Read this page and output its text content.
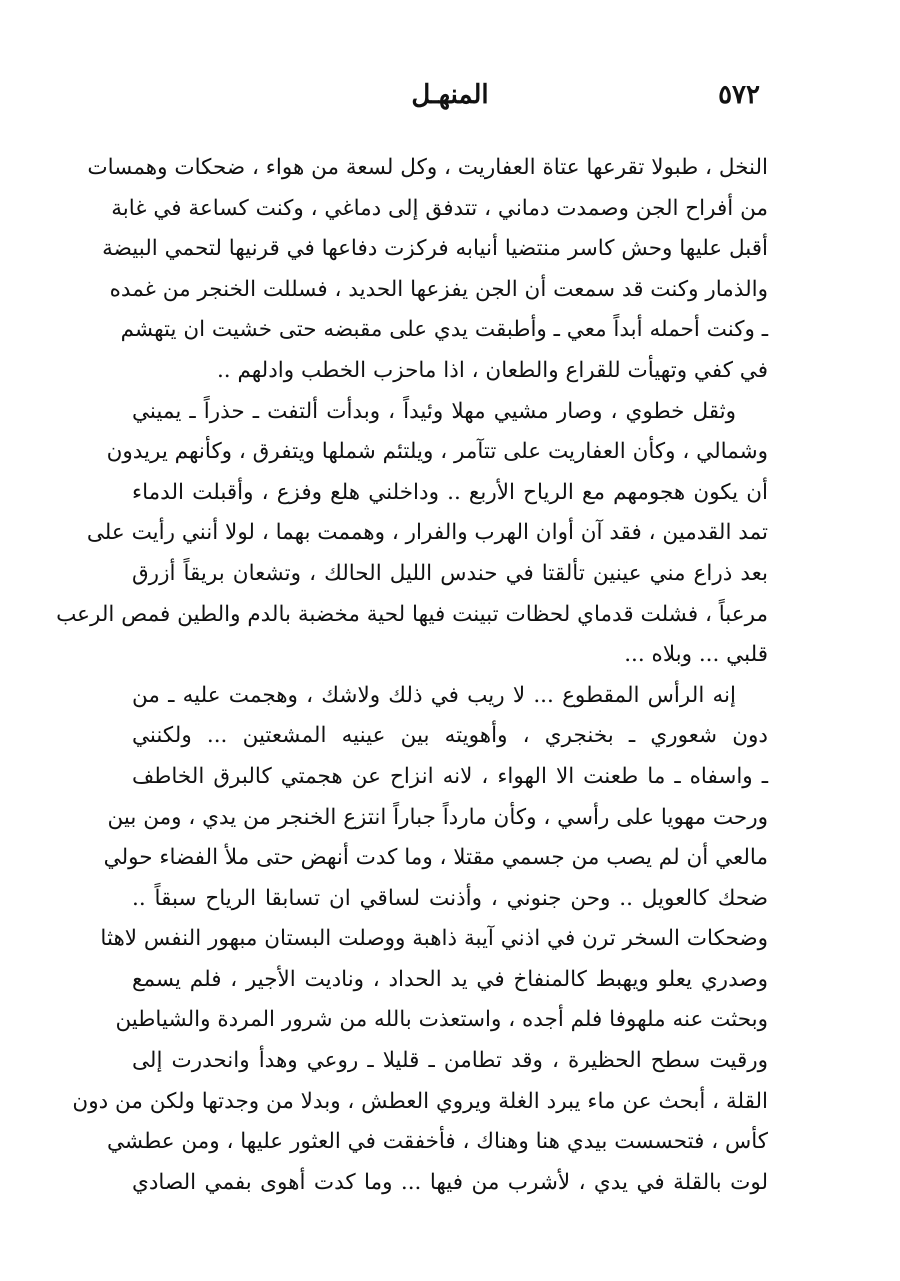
٥٧٢
المنهـل
النخل ، طبولا تقرعها عتاة العفاريت ، وكل لسعة من هواء ، ضحكات وهمسات
من أفراح الجن وصمدت دماني ، تتدفق إلى دماغي ، وكنت كساعة في غابة
أقبل عليها وحش كاسر منتضيا أنيابه فركزت دفاعها في قرنيها لتحمي البيضة
والذمار وكنت قد سمعت أن الجن يفزعها الحديد ، فسللت الخنجر من غمده
ـ وكنت أحمله أبداً معي ـ وأطبقت يدي على مقبضه حتى خشيت ان يتهشم
في كفي وتهيأت للقراع والطعان ، اذا ماحزب الخطب وادلهم ..
وثقل خطوي ، وصار مشيي مهلا وئيداً ، وبدأت ألتفت ـ حذراً ـ يميني
وشمالي ، وكأن العفاريت على تتآمر ، ويلتئم شملها ويتفرق ، وكأنهم يريدون
أن يكون هجومهم مع الرياح الأربع .. وداخلني هلع وفزع ، وأقبلت الدماء
تمد القدمين ، فقد آن أوان الهرب والفرار ، وهممت بهما ، لولا أنني رأيت على
بعد ذراع مني عينين تألقتا في حندس الليل الحالك ، وتشعان بريقاً أزرق
مرعباً ، فشلت قدماي لحظات تبينت فيها لحية مخضبة بالدم والطين فمص الرعب
قلبي ... وبلاه ...
إنه الرأس المقطوع ... لا ريب في ذلك ولاشك ، وهجمت عليه ـ من
دون شعوري ـ بخنجري ، وأهويته بين عينيه المشعتين ... ولكنني
ـ واسفاه ـ ما طعنت الا الهواء ، لانه انزاح عن هجمتي كالبرق الخاطف
ورحت مهويا على رأسي ، وكأن مارداً جباراً انتزع الخنجر من يدي ، ومن بين
مالعي أن لم يصب من جسمي مقتلا ، وما كدت أنهض حتى ملأ الفضاء حولي
ضحك كالعويل .. وحن جنوني ، وأذنت لساقي ان تسابقا الرياح سبقاً ..
وضحكات السخر ترن في اذني آيبة ذاهبة ووصلت البستان مبهور النفس لاهثا
وصدري يعلو ويهبط كالمنفاخ في يد الحداد ، وناديت الأجير ، فلم يسمع
وبحثت عنه ملهوفا فلم أجده ، واستعذت بالله من شرور المردة والشياطين
ورقيت سطح الحظيرة ، وقد تطامن ـ قليلا ـ روعي وهدأ وانحدرت إلى
القلة ، أبحث عن ماء يبرد الغلة ويروي العطش ، وبدلا من وجدتها ولكن من دون
كأس ، فتحسست بيدي هنا وهناك ، فأخفقت في العثور عليها ، ومن عطشي
لوت بالقلة في يدي ، لأشرب من فيها ... وما كدت أهوى بفمي الصادي
